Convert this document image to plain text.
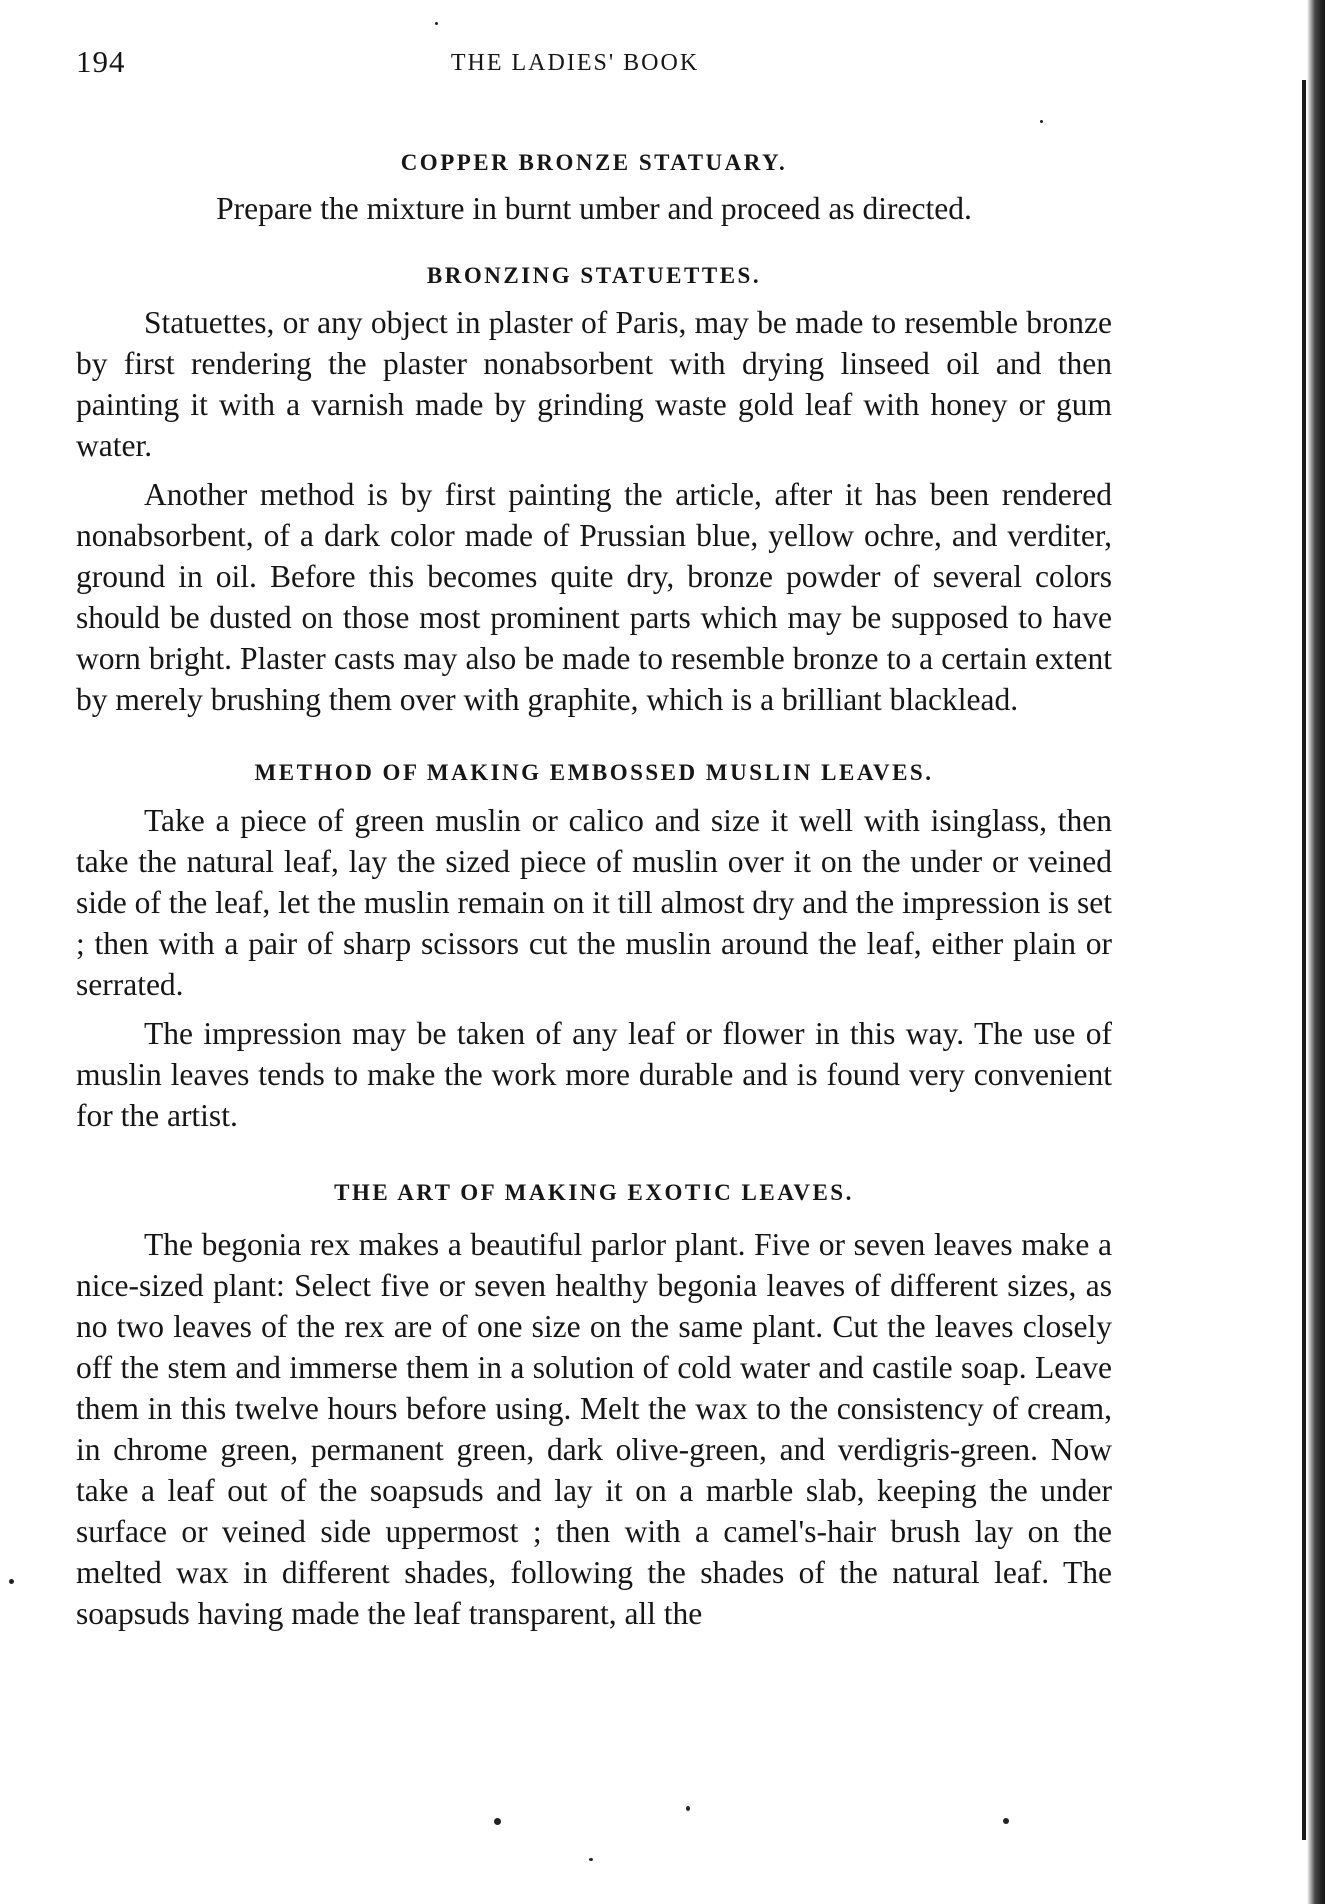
194	THE LADIES' BOOK
COPPER BRONZE STATUARY.

Prepare the mixture in burnt umber and proceed as directed.

BRONZING STATUETTES.

Statuettes, or any object in plaster of Paris, may be made to resemble bronze by first rendering the plaster nonabsorbent with drying linseed oil and then painting it with a varnish made by grinding waste gold leaf with honey or gum water.

Another method is by first painting the article, after it has been rendered nonabsorbent, of a dark color made of Prussian blue, yellow ochre, and verditer, ground in oil. Before this becomes quite dry, bronze powder of several colors should be dusted on those most prominent parts which may be supposed to have worn bright. Plaster casts may also be made to resemble bronze to a certain extent by merely brushing them over with graphite, which is a brilliant blacklead.

METHOD OF MAKING EMBOSSED MUSLIN LEAVES.

Take a piece of green muslin or calico and size it well with isinglass, then take the natural leaf, lay the sized piece of muslin over it on the under or veined side of the leaf, let the muslin remain on it till almost dry and the impression is set ; then with a pair of sharp scissors cut the muslin around the leaf, either plain or serrated.

The impression may be taken of any leaf or flower in this way. The use of muslin leaves tends to make the work more durable and is found very convenient for the artist.

THE ART OF MAKING EXOTIC LEAVES.

The begonia rex makes a beautiful parlor plant. Five or seven leaves make a nice-sized plant: Select five or seven healthy begonia leaves of different sizes, as no two leaves of the rex are of one size on the same plant. Cut the leaves closely off the stem and immerse them in a solution of cold water and castile soap. Leave them in this twelve hours before using. Melt the wax to the consistency of cream, in chrome green, permanent green, dark olive-green, and verdigris-green. Now take a leaf out of the soapsuds and lay it on a marble slab, keeping the under surface or veined side uppermost ; then with a camel's-hair brush lay on the melted wax in different shades, following the shades of the natural leaf. The soapsuds having made the leaf transparent, all the
